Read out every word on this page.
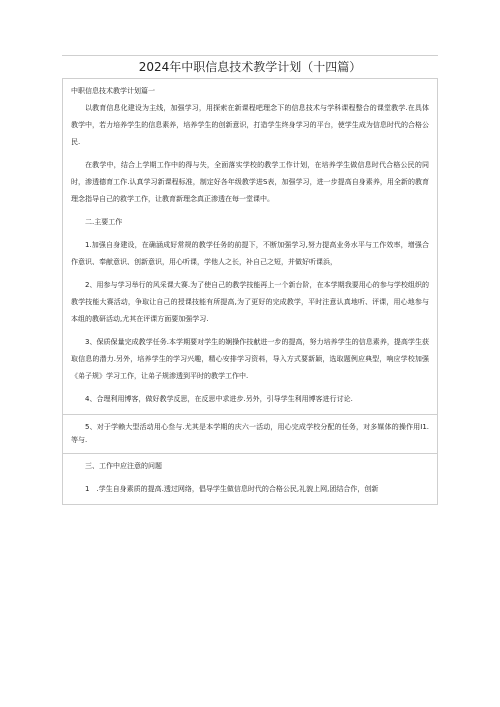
2024年中职信息技术教学计划（十四篇）

中职信息技术教学计划篇一

以教育信息化建设为主线，加强学习，用探索在新课程吧理念下的信息技术与学科课程整合的课堂教学.在具体教学中，若力培养学生的信息素养，培养学生的创新意识，打造学生终身学习的平台，使学生成为信息时代的合格公民.

在教学中，结合上学期工作中的得与失，全面落实学校的教学工作计划，在培养学生做信息时代合格公民的同时，渗透德育工作.认真学习新课程标准，制定好各年级教学进S表，加强学习，进一步提高自身素养，用全新的教育理念指导自己的救学工作，让教育新理念真正渗透在每一堂课中。

二.主要工作

1.加强自身建设，在确涵成好常规的教学任务的前提下，不断加强学习,努力提高业务水平与工作效率，增强合作意识、奉献意识、创新意识，用心听课，学他人之长，补自己之短，并做好听课浜，

2、用参与学习举行的风采课大赛.为了使自己的教学技能再上一个新台阶，在本学期我要用心的参与学校组织的教学技能大赛活动，争取让自己的授课技能有所提高,为了更好的完成教学，平时注意认真地听、评课，用心地参与本组的教研活动,尤其在评课方面要加强学习.

3、保质保量完成教学任务.本学期要对学生的娴操作技献进一步的提高，努力培养学生的信息素养，提高学生获取信息的潜力.另外，培养学生的学习兴趣，精心安排学习资料，导入方式要新颖，选取题例应典型，响应学校加强《弟子规》学习工作，让弟子规渗透到平时的教学工作中.

4、合理利用博客，做好教学反思，在反思中求进步.另外，引导学生利用博客进行讨论.

5、对于学赖大型活动用心叁与.尤其是本学期的庆六一活动，用心完成学校分配的任务，对多媒体的操作用I1.等与.

三、工作中应注意的问题

1　.学生自身素质的提高.透过网络，倡导学生做信息时代的合格公民,礼貌上网,团结合作，创新
